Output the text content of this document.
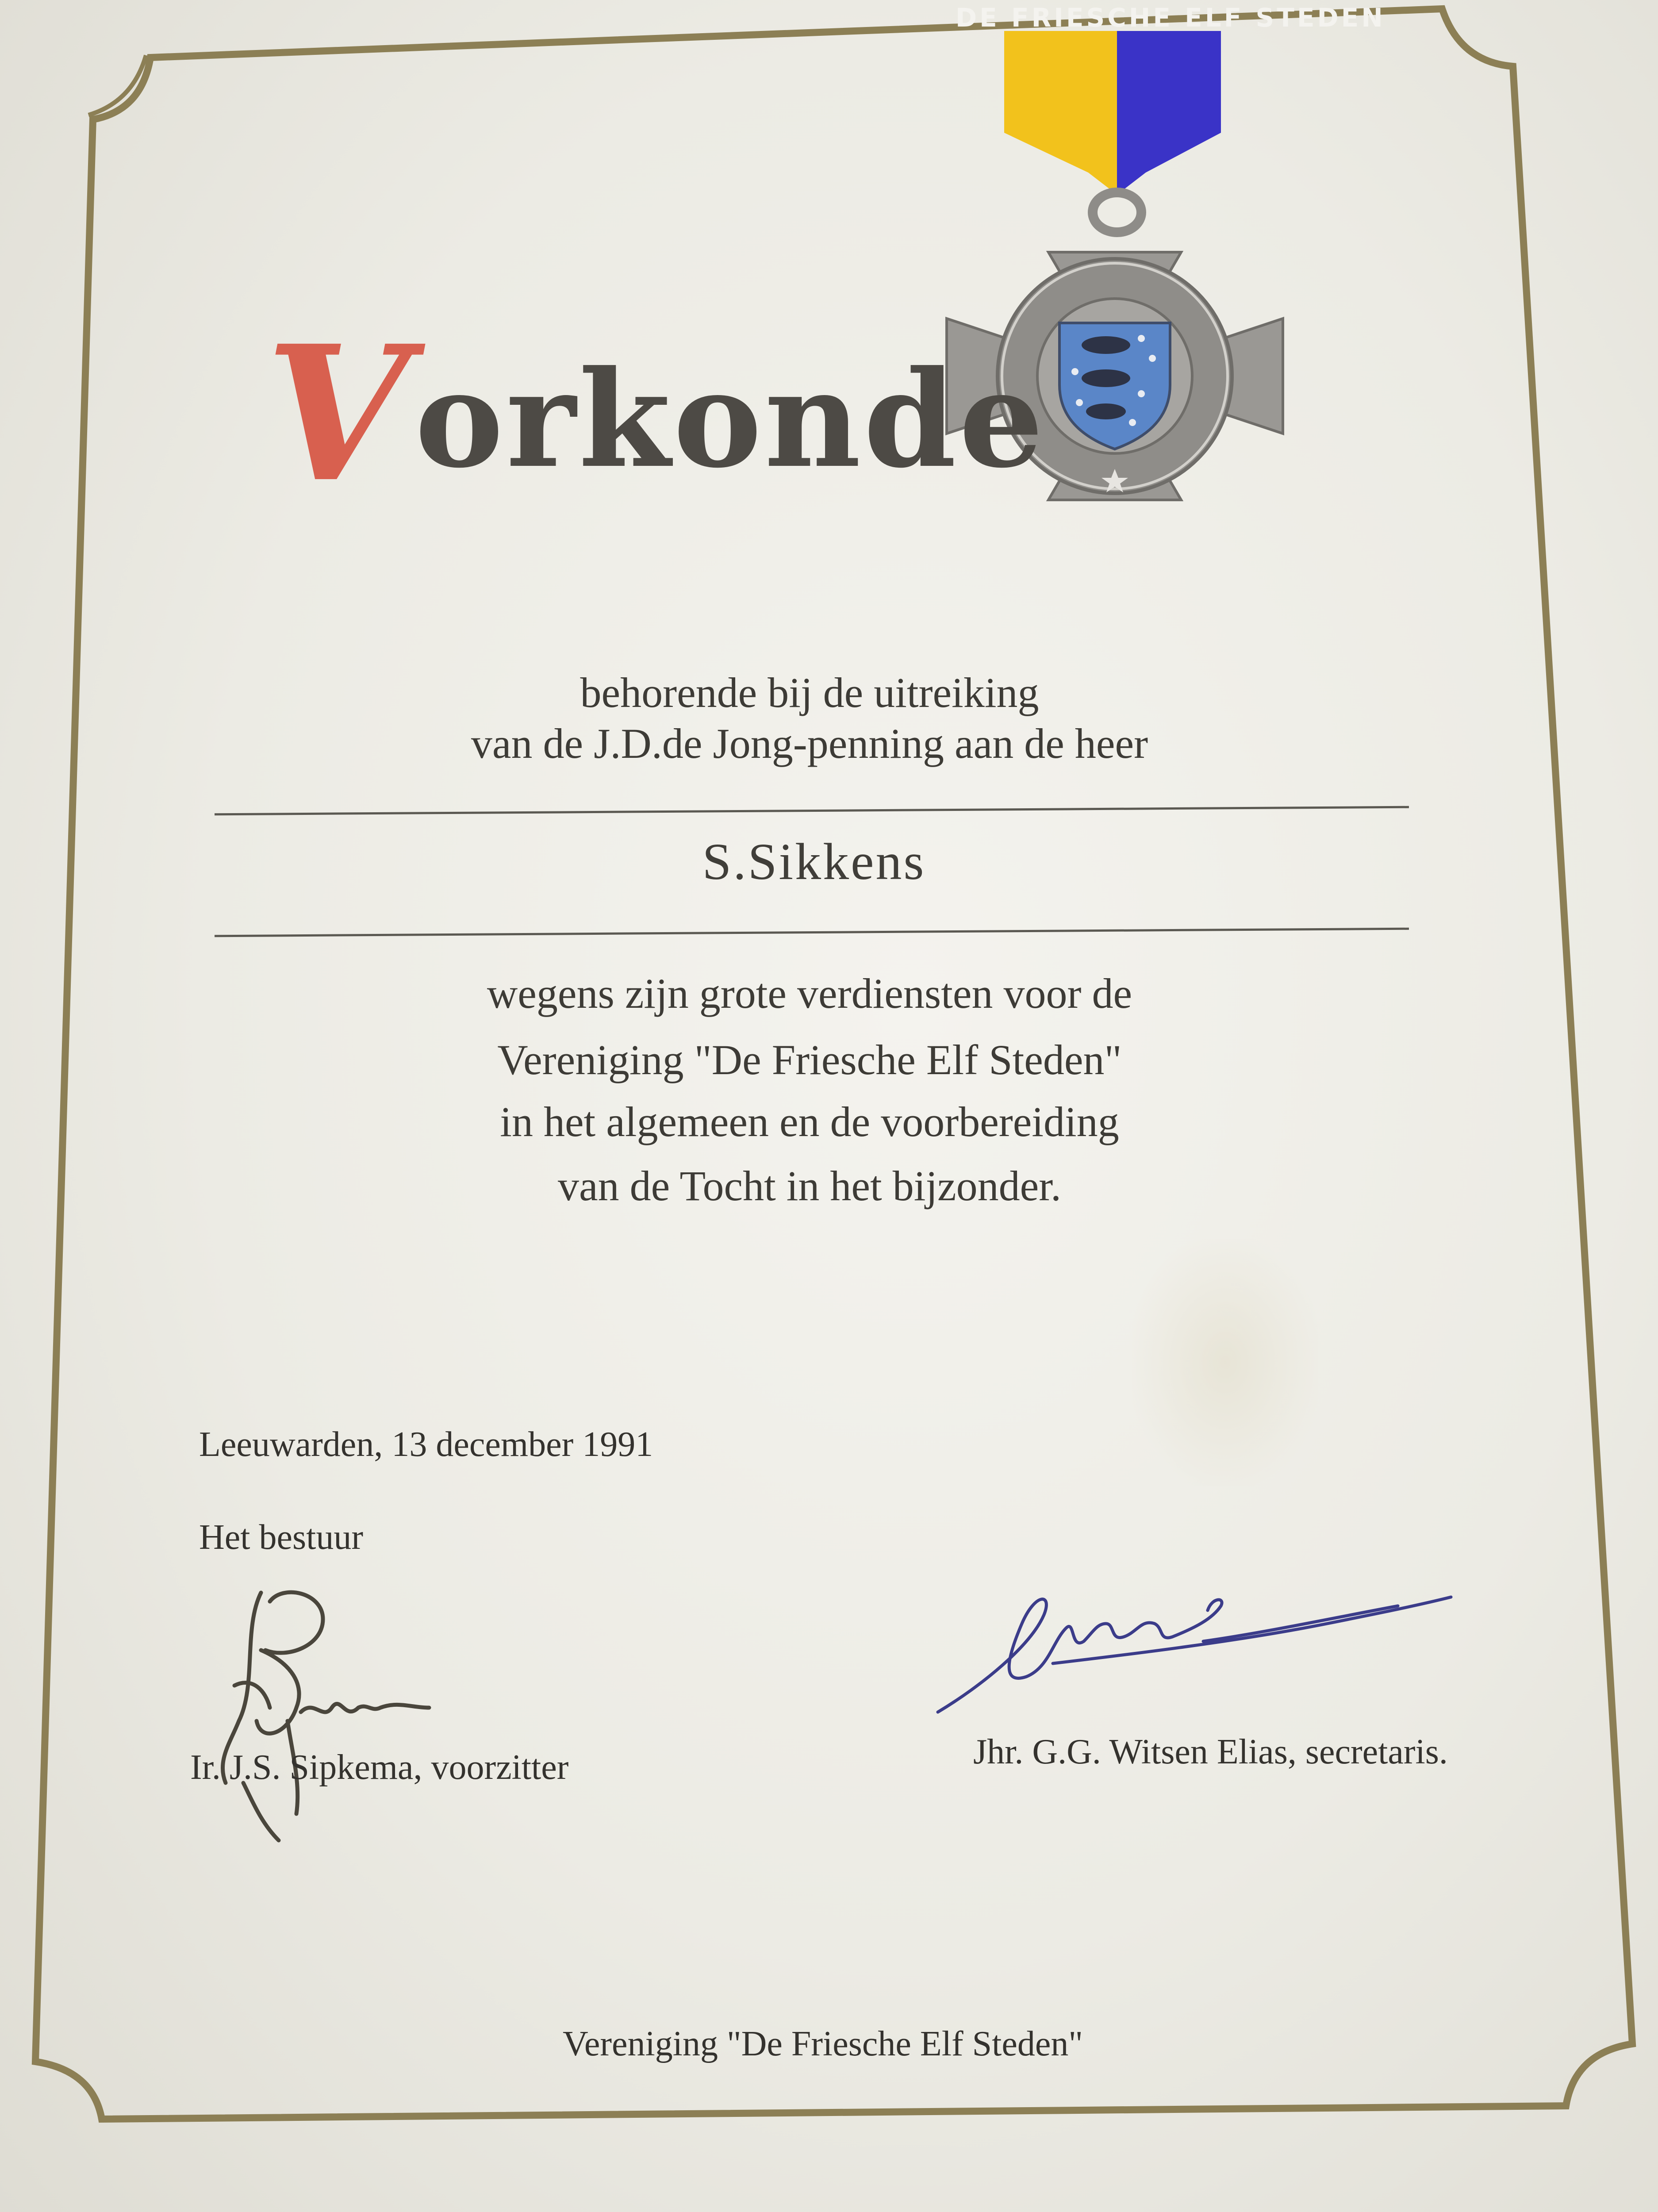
DE FRIESCHE ELF STEDEN
Vorkonde
behorende bij de uitreiking
van de J.D.de Jong-penning aan de heer
S.Sikkens
wegens zijn grote verdiensten voor de
Vereniging "De Friesche Elf Steden"
in het algemeen en de voorbereiding
van de Tocht in het bijzonder.
Leeuwarden, 13 december 1991
Het bestuur
Ir. J.S. Sipkema, voorzitter	Jhr. G.G. Witsen Elias, secretaris.
Vereniging "De Friesche Elf Steden"
